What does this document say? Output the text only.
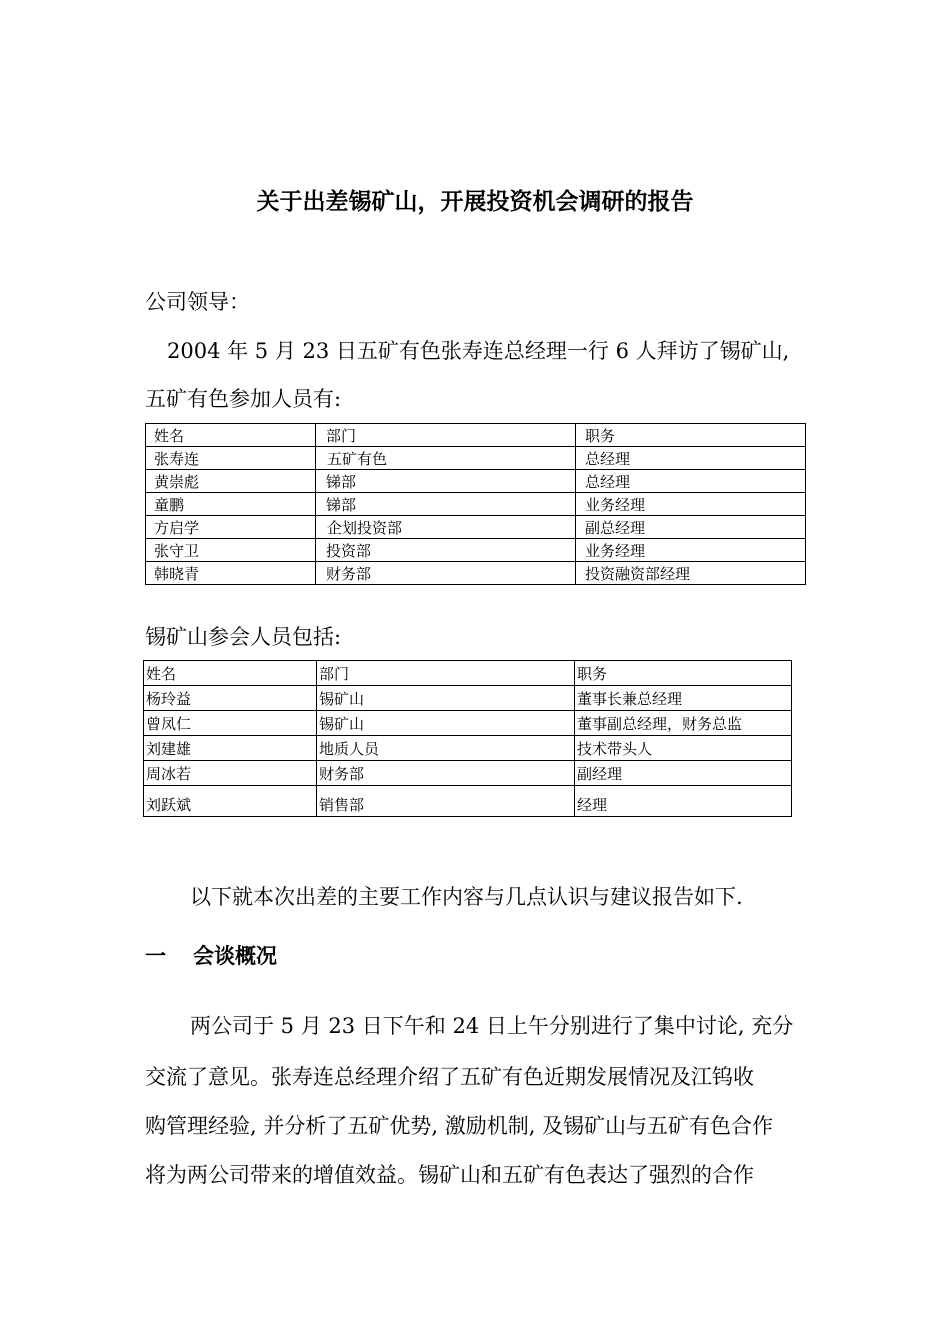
关于出差锡矿山，开展投资机会调研的报告
公司领导：
2004 年 5 月 23 日五矿有色张寿连总经理一行 6 人拜访了锡矿山,
五矿有色参加人员有:
姓名	部门	职务
张寿连	五矿有色	总经理
黄崇彪	锑部	总经理
童鹏	锑部	业务经理
方启学	企划投资部	副总经理
张守卫	投资部	业务经理
韩晓青	财务部	投资融资部经理
锡矿山参会人员包括:
姓名	部门	职务
杨玲益	锡矿山	董事长兼总经理
曾凤仁	锡矿山	董事副总经理，财务总监
刘建雄	地质人员	技术带头人
周冰若	财务部	副经理
刘跃斌	销售部	经理
以下就本次出差的主要工作内容与几点认识与建议报告如下.
一 会谈概况
两公司于 5 月 23 日下午和 24 日上午分别进行了集中讨论, 充分
交流了意见。张寿连总经理介绍了五矿有色近期发展情况及江钨收
购管理经验, 并分析了五矿优势, 激励机制, 及锡矿山与五矿有色合作
将为两公司带来的增值效益。锡矿山和五矿有色表达了强烈的合作
